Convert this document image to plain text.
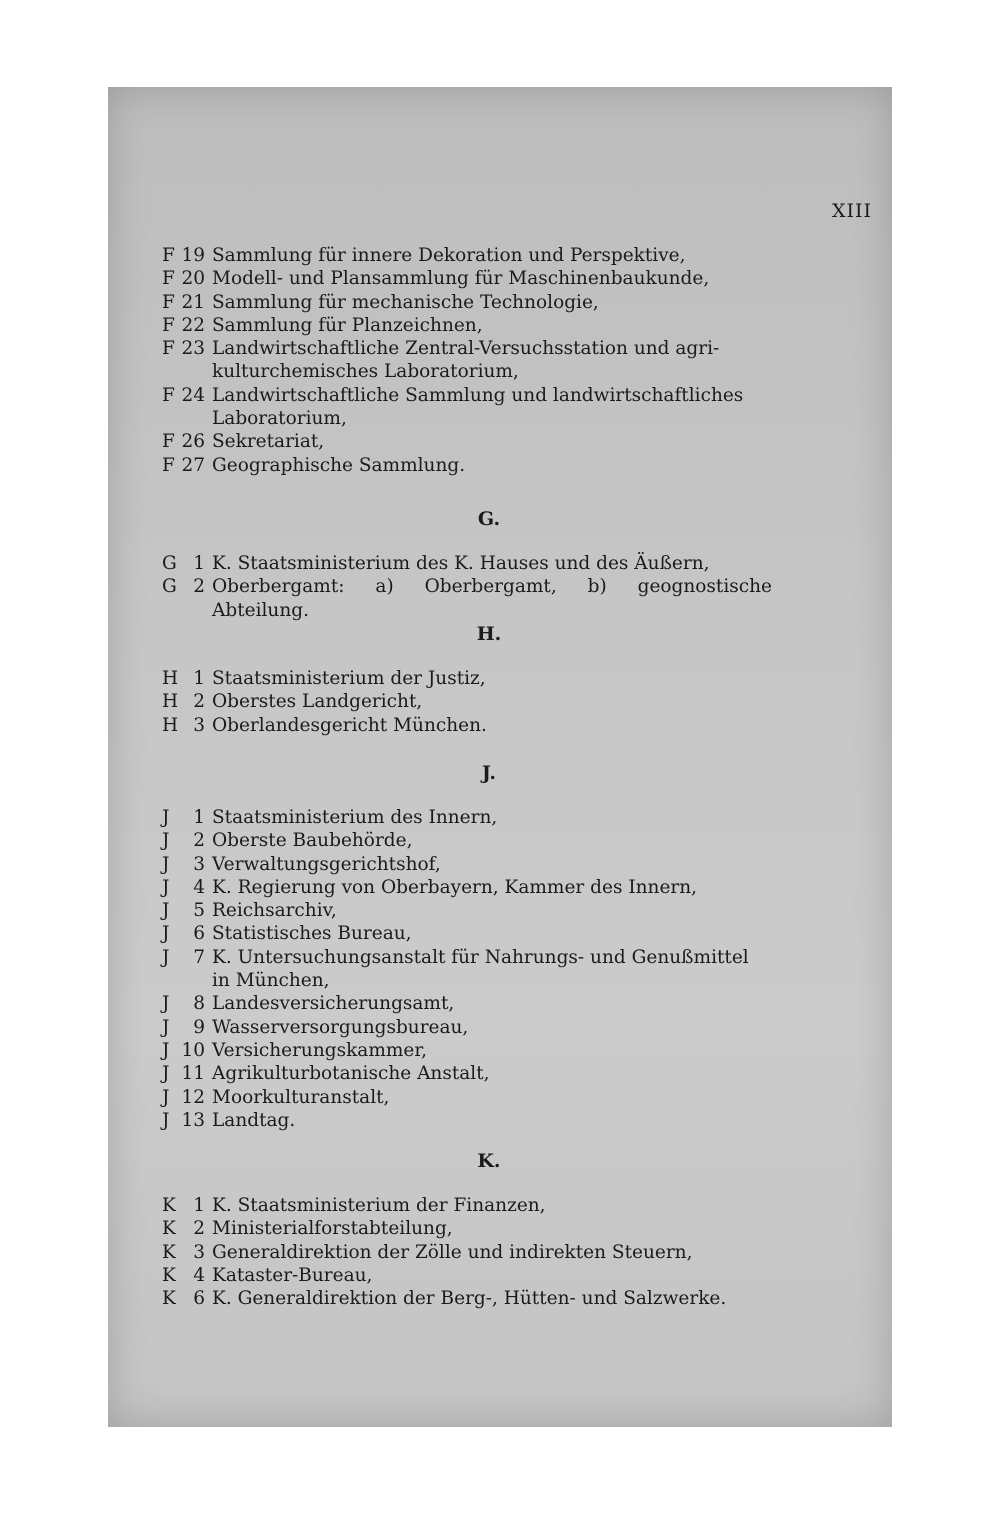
XIII
F 19 Sammlung für innere Dekoration und Perspektive,
F 20 Modell- und Plansammlung für Maschinenbaukunde,
F 21 Sammlung für mechanische Technologie,
F 22 Sammlung für Planzeichnen,
F 23 Landwirtschaftliche Zentral-Versuchsstation und agri-
kulturchemisches Laboratorium,
F 24 Landwirtschaftliche Sammlung und landwirtschaftliches
Laboratorium,
F 26 Sekretariat,
F 27 Geographische Sammlung.
G.
G 1 K. Staatsministerium des K. Hauses und des Äußern,
G 2 Oberbergamt: a) Oberbergamt, b) geognostische Abteilung.
H.
H 1 Staatsministerium der Justiz,
H 2 Oberstes Landgericht,
H 3 Oberlandesgericht München.
J.
J	1 Staatsministerium des Innern,
J	2 Oberste Baubehörde,
J	3 Verwaltungsgerichtshof,
J	4 K. Regierung von Oberbayern, Kammer des Innern,
J	5 Reichsarchiv,
J	6 Statistisches Bureau,
J	7 K. Untersuchungsanstalt für Nahrungs- und Genußmittel
in München,
J	8 Landesversicherungsamt,
J	9 Wasserversorgungsbureau,
J 10 Versicherungskammer,
J 11 Agrikulturbotanische Anstalt,
J 12 Moorkulturanstalt,
J 13 Landtag.
K.
K 1 K. Staatsministerium der Finanzen,
K 2 Ministerialforstabteilung,
K 3 Generaldirektion der Zölle und indirekten Steuern,
K 4 Kataster-Bureau,
K 6 K. Generaldirektion der Berg-, Hütten- und Salzwerke.
